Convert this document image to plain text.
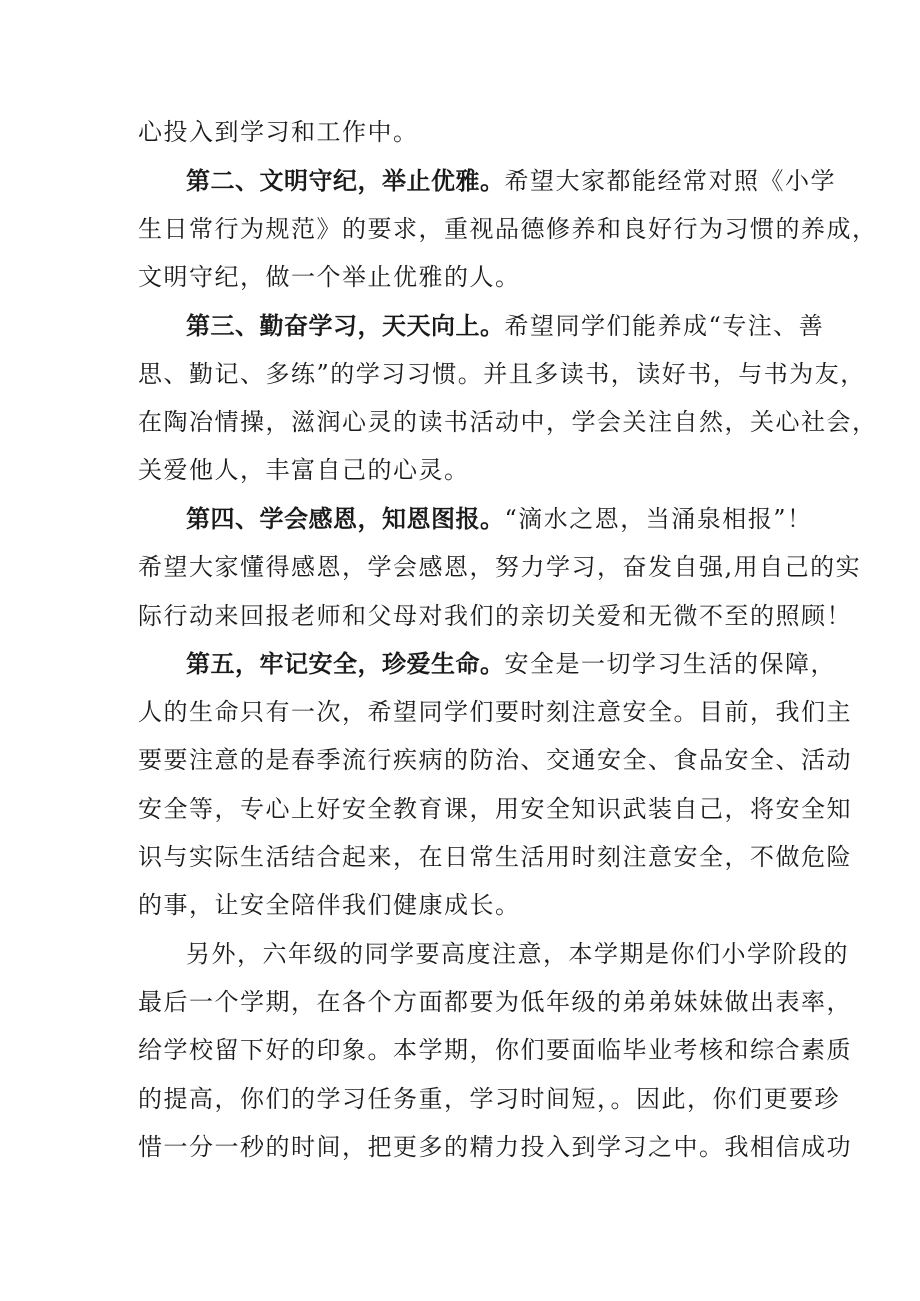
心投入到学习和工作中。
第二、文明守纪，举止优雅。希望大家都能经常对照《小学
生日常行为规范》的要求，重视品德修养和良好行为习惯的养成，
文明守纪，做一个举止优雅的人。
第三、勤奋学习，天天向上。希望同学们能养成“专注、善
思、勤记、多练”的学习习惯。并且多读书，读好书，与书为友，
在陶冶情操，滋润心灵的读书活动中，学会关注自然，关心社会，
关爱他人，丰富自己的心灵。
第四、学会感恩，知恩图报。“滴水之恩，当涌泉相报”！
希望大家懂得感恩，学会感恩，努力学习，奋发自强,用自己的实
际行动来回报老师和父母对我们的亲切关爱和无微不至的照顾！
第五，牢记安全，珍爱生命。安全是一切学习生活的保障，
人的生命只有一次，希望同学们要时刻注意安全。目前，我们主
要要注意的是春季流行疾病的防治、交通安全、食品安全、活动
安全等，专心上好安全教育课，用安全知识武装自己，将安全知
识与实际生活结合起来，在日常生活用时刻注意安全，不做危险
的事，让安全陪伴我们健康成长。
另外，六年级的同学要高度注意，本学期是你们小学阶段的
最后一个学期，在各个方面都要为低年级的弟弟妹妹做出表率，
给学校留下好的印象。本学期，你们要面临毕业考核和综合素质
的提高，你们的学习任务重，学习时间短，。因此，你们更要珍
惜一分一秒的时间，把更多的精力投入到学习之中。我相信成功
